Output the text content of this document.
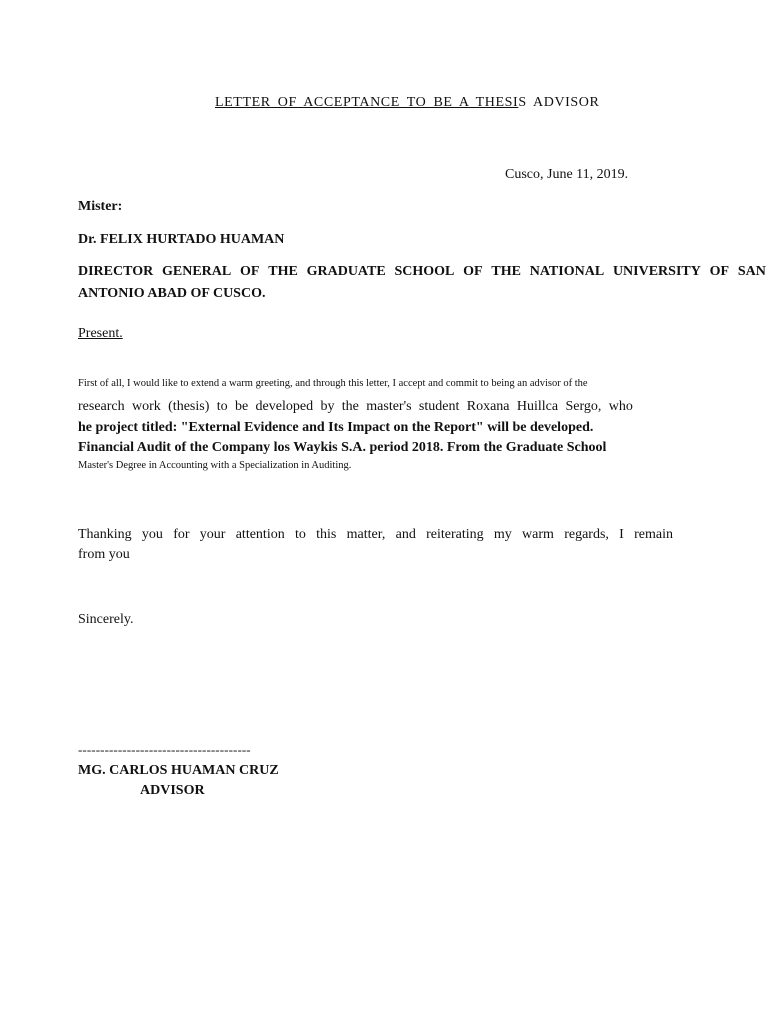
LETTER OF ACCEPTANCE TO BE A THESIS ADVISOR
Cusco, June 11, 2019.
Mister:
Dr. FELIX HURTADO HUAMAN
DIRECTOR GENERAL OF THE GRADUATE SCHOOL OF THE NATIONAL UNIVERSITY OF SAN
ANTONIO ABAD OF CUSCO.
Present.
First of all, I would like to extend a warm greeting, and through this letter, I accept and commit to being an advisor of the
research work (thesis) to be developed by the master's student Roxana Huillca Sergo, who
he project titled: "External Evidence and Its Impact on the Report" will be developed.
Financial Audit of the Company los Waykis S.A. period 2018. From the Graduate School
Master's Degree in Accounting with a Specialization in Auditing.
Thanking you for your attention to this matter, and reiterating my warm regards, I remain
from you
Sincerely.
---------------------------------------
MG. CARLOS HUAMAN CRUZ
ADVISOR
